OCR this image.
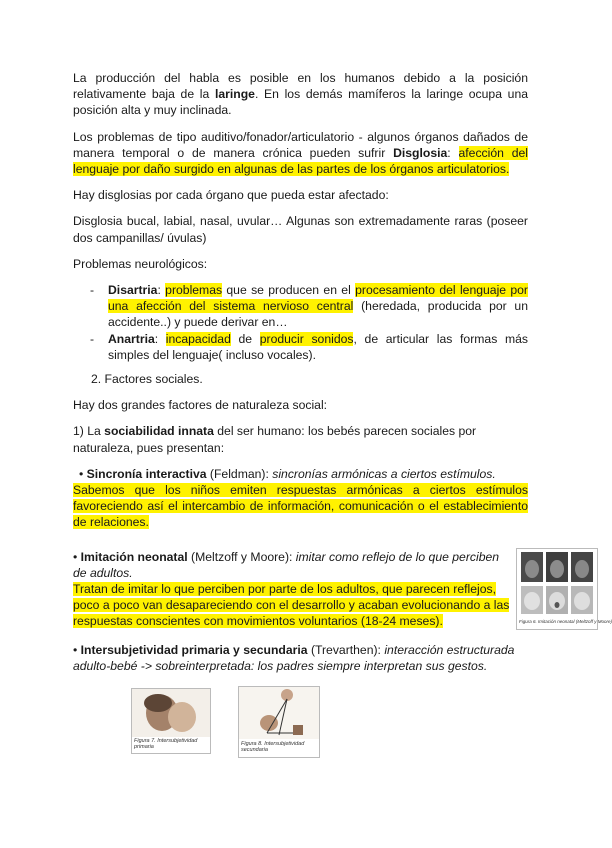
La producción del habla es posible en los humanos debido a la posición relativamente baja de la laringe. En los demás mamíferos la laringe ocupa una posición alta y muy inclinada.

Los problemas de tipo auditivo/fonador/articulatorio - algunos órganos dañados de manera temporal o de manera crónica pueden sufrir Disglosia: afección del lenguaje por daño surgido en algunas de las partes de los órganos articulatorios.

Hay disglosias por cada órgano que pueda estar afectado:

Disglosia bucal, labial, nasal, uvular… Algunas son extremadamente raras (poseer dos campanillas/ úvulas)

Problemas neurológicos:

- Disartria: problemas que se producen en el procesamiento del lenguaje por una afección del sistema nervioso central (heredada, producida por un accidente..) y puede derivar en…
- Anartria: incapacidad de producir sonidos, de articular las formas más simples del lenguaje( incluso vocales).

2. Factores sociales.

Hay dos grandes factores de naturaleza social:

1) La sociabilidad innata del ser humano: los bebés parecen sociales por naturaleza, pues presentan:

• Sincronía interactiva (Feldman): sincronías armónicas a ciertos estímulos.
Sabemos que los niños emiten respuestas armónicas a ciertos estímulos favoreciendo así el intercambio de información, comunicación o el establecimiento de relaciones.
• Imitación neonatal (Meltzoff y Moore): imitar como reflejo de lo que perciben de adultos.
Tratan de imitar lo que perciben por parte de los adultos, que parecen reflejos, poco a poco van desapareciendo con el desarrollo y acaban evolucionando a las respuestas conscientes con movimientos voluntarios (18-24 meses).
• Intersubjetividad primaria y secundaria (Trevarthen): interacción estructurada adulto-bebé -> sobreinterpretada: los padres siempre interpretan sus gestos.
Figura 6. Imitación neonatal (Meltzoff y Moore)
Figura 7. Intersubjetividad primaria	Figura 8. Intersubjetividad secundaria
